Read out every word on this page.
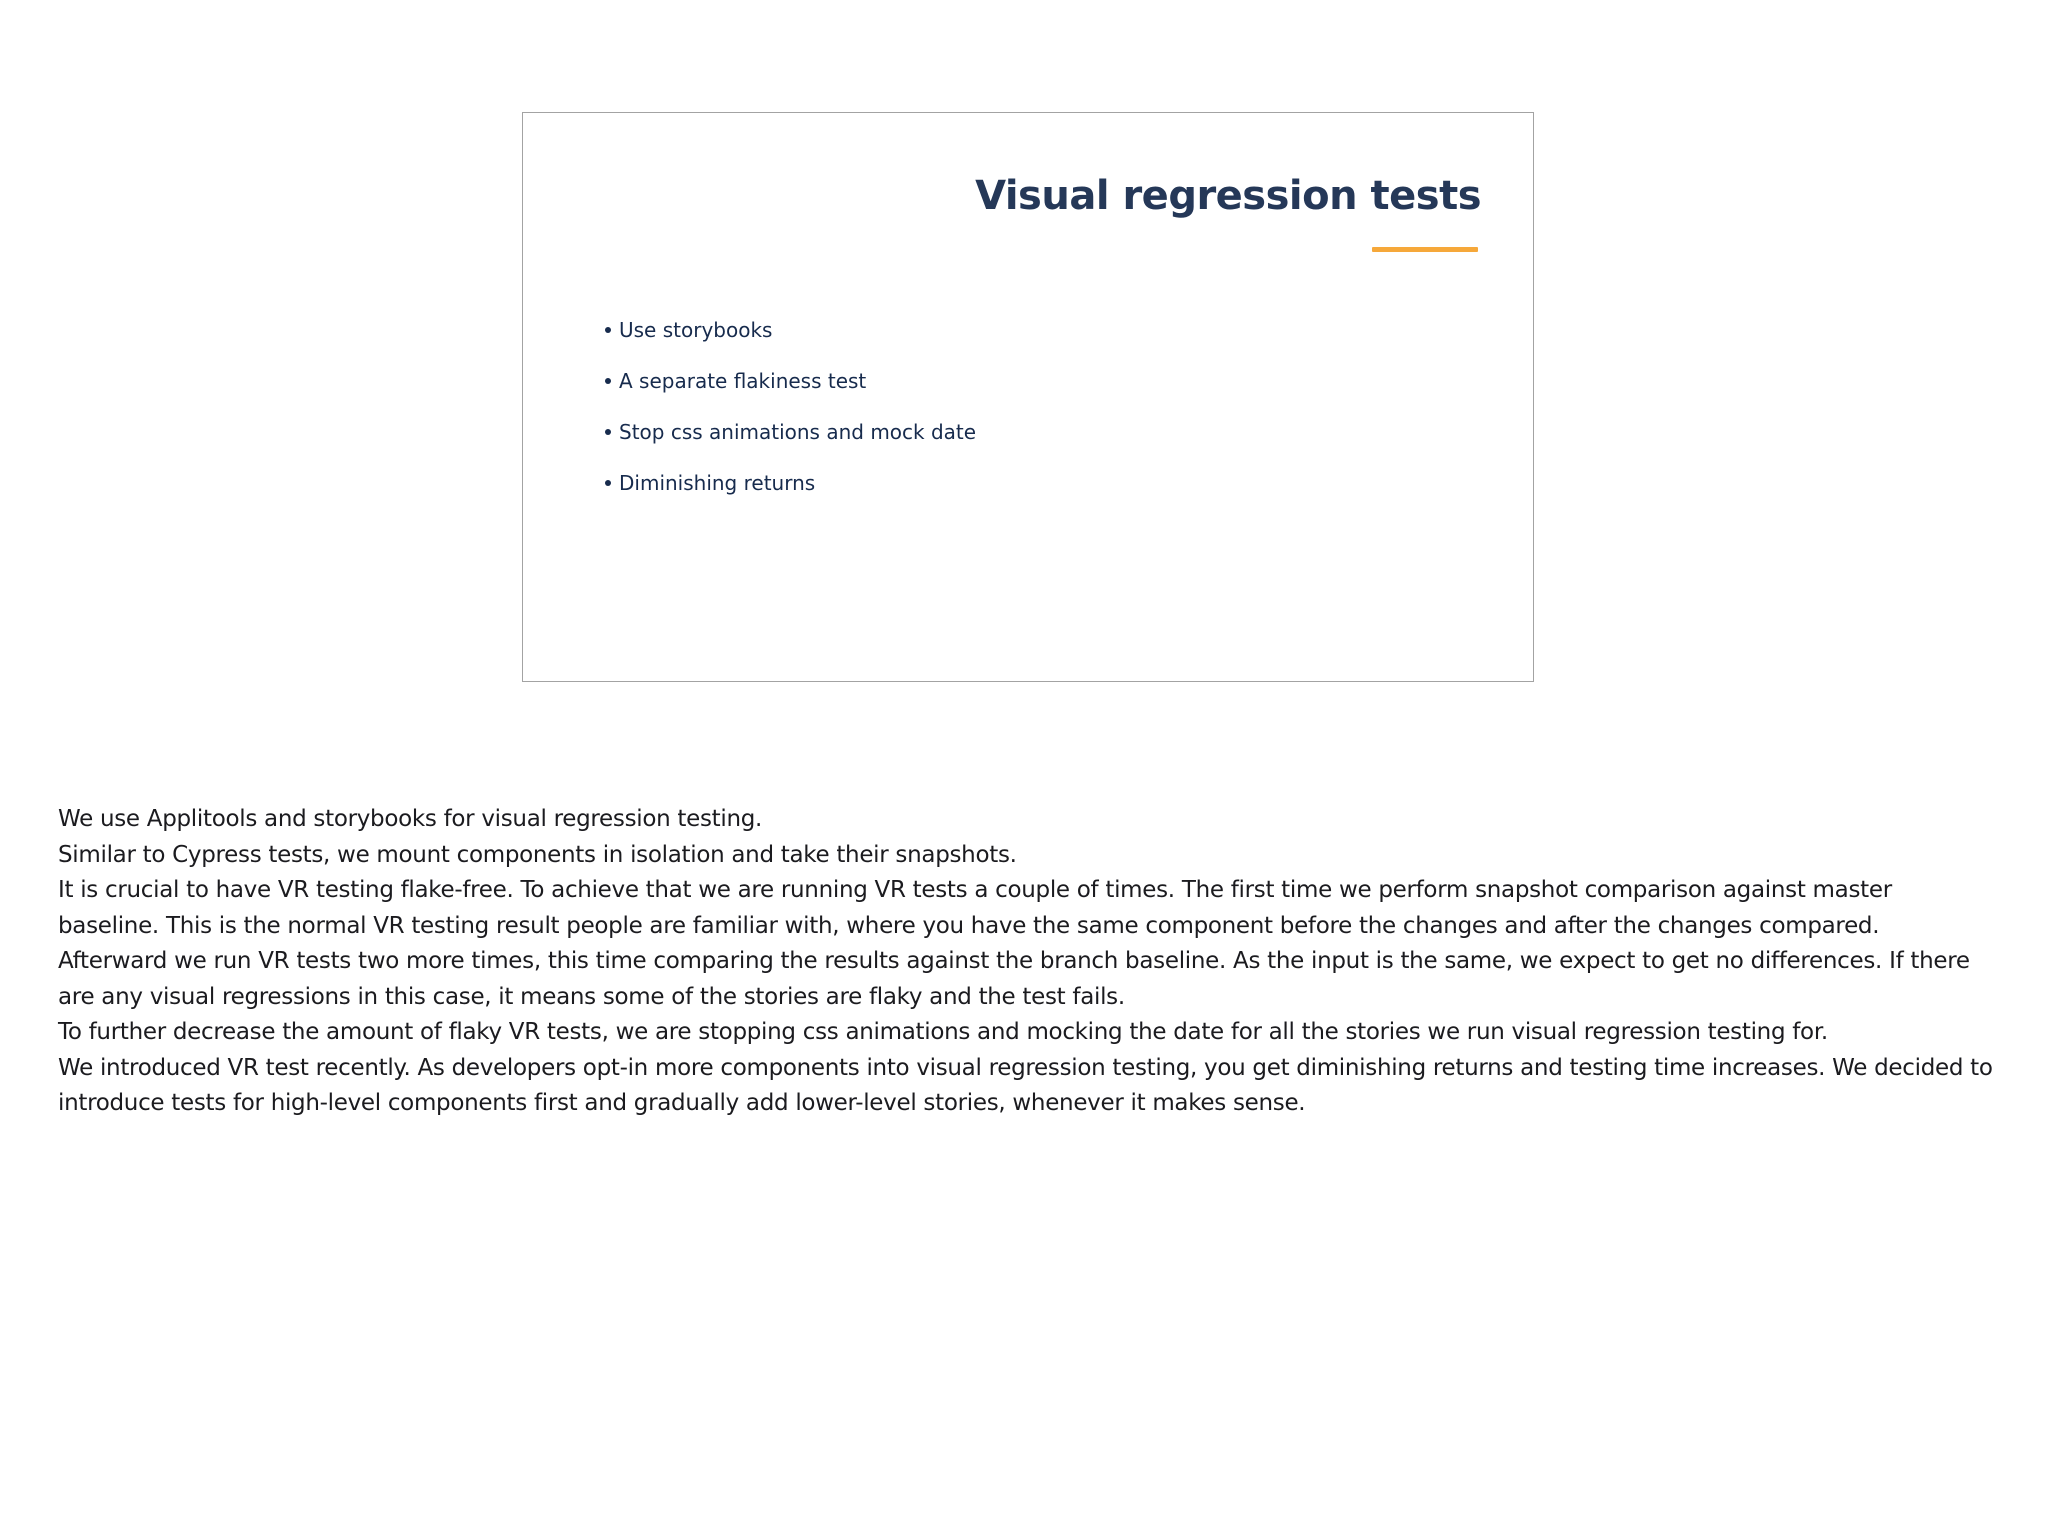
Visual regression tests
Use storybooks
A separate flakiness test
Stop css animations and mock date
Diminishing returns

We use Applitools and storybooks for visual regression testing.

Similar to Cypress tests, we mount components in isolation and take their snapshots.

It is crucial to have VR testing flake-free. To achieve that we are running VR tests a couple of times. The first time we perform snapshot comparison against master baseline. This is the normal VR testing result people are familiar with, where you have the same component before the changes and after the changes compared.

Afterward we run VR tests two more times, this time comparing the results against the branch baseline. As the input is the same, we expect to get no differences. If there are any visual regressions in this case, it means some of the stories are flaky and the test fails.

To further decrease the amount of flaky VR tests, we are stopping css animations and mocking the date for all the stories we run visual regression testing for.

We introduced VR test recently. As developers opt-in more components into visual regression testing, you get diminishing returns and testing time increases. We decided to introduce tests for high-level components first and gradually add lower-level stories, whenever it makes sense.
